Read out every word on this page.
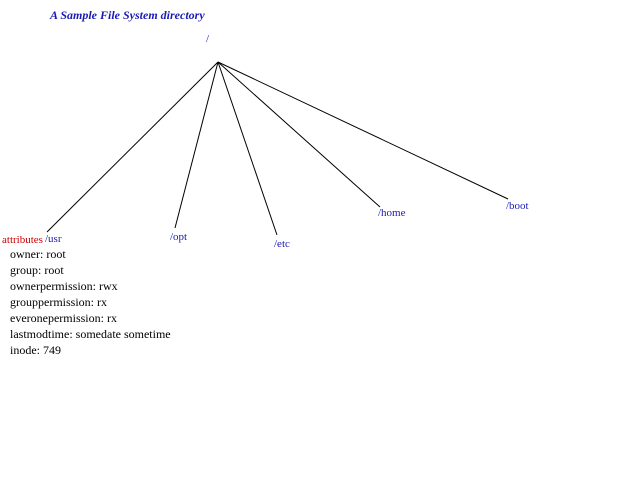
A Sample File System directory
/
/usr	/opt
/etc
/home
/boot
attributes
owner: root
group: root
ownerpermission: rwx
grouppermission: rx
everonepermission: rx
lastmodtime: somedate sometime
inode: 749
